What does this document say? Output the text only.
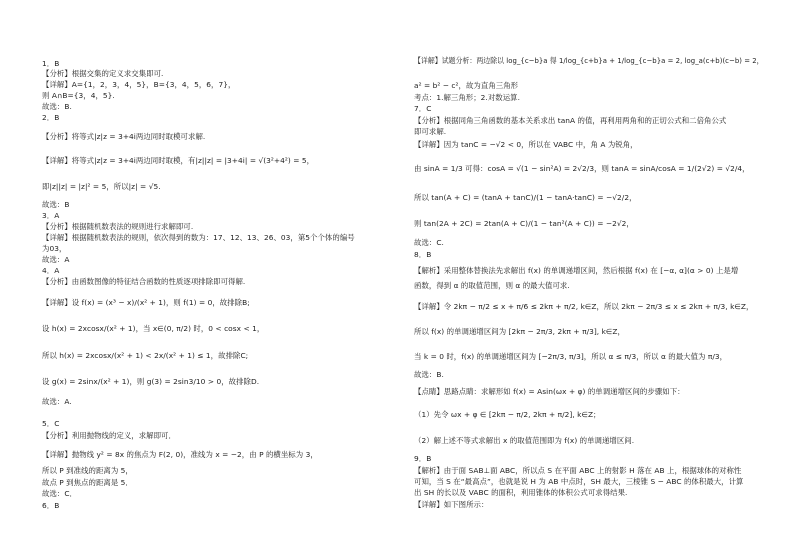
1．B
【分析】根据交集的定义求交集即可.
【详解】A={1，2，3，4，5}，B={3，4，5，6，7}，
则 A∩B={3，4，5}.
故选：B.
2．B
【分析】将等式|z|z = 3+4i两边同时取模可求解.
【详解】将等式|z|z = 3+4i两边同时取模，有|z||z| = |3+4i| = √(3²+4²) = 5，
即|z||z| = |z|² = 5，所以|z| = √5.
故选：B
3．A
【分析】根据随机数表法的规则进行求解即可.
【详解】根据随机数表法的规则，依次得到的数为：17、12、13、26、03，第5个个体的编号
为03，
故选：A
4．A
【分析】由函数图像的特征结合函数的性质逐项排除即可得解.
【详解】设 f(x) = (x³ − x)/(x² + 1)，则 f(1) = 0，故排除B;
设 h(x) = 2xcosx/(x² + 1)，当 x∈(0, π/2) 时，0 < cosx < 1，
所以 h(x) = 2xcosx/(x² + 1) < 2x/(x² + 1) ≤ 1，故排除C;
设 g(x) = 2sinx/(x² + 1)，则 g(3) = 2sin3/10 > 0，故排除D.
故选：A.
5．C
【分析】利用抛物线的定义，求解即可．
【详解】抛物线 y² = 8x 的焦点为 F(2, 0)，准线为 x = −2，由 P 的横坐标为 3，
所以 P 到准线的距离为 5，
故点 P 到焦点的距离是 5．
故选：C．
6．B
【详解】试题分析：两边除以 log_{c−b}a 得 1/log_{c+b}a + 1/log_{c−b}a = 2, log_a(c+b)(c−b) = 2，
a² = b² − c²，故为直角三角形
考点：1.解三角形；2.对数运算.
7．C
【分析】根据同角三角函数的基本关系求出 tanA 的值，再利用两角和的正切公式和二倍角公式
即可求解.
【详解】因为 tanC = −√2 < 0，所以在 VABC 中，角 A 为锐角，
由 sinA = 1/3 可得：cosA = √(1 − sin²A) = 2√2/3，则 tanA = sinA/cosA = 1/(2√2) = √2/4，
所以 tan(A + C) = (tanA + tanC)/(1 − tanA·tanC) = −√2/2，
则 tan(2A + 2C) = 2tan(A + C)/(1 − tan²(A + C)) = −2√2，
故选：C.
8．B
【解析】采用整体替换法先求解出 f(x) 的单调递增区间，然后根据 f(x) 在 [−α, α](α > 0) 上是增
函数，得到 α 的取值范围，则 α 的最大值可求.
【详解】令 2kπ − π/2 ≤ x + π/6 ≤ 2kπ + π/2, k∈Z，所以 2kπ − 2π/3 ≤ x ≤ 2kπ + π/3, k∈Z，
所以 f(x) 的单调递增区间为 [2kπ − 2π/3, 2kπ + π/3], k∈Z，
当 k = 0 时，f(x) 的单调递增区间为 [−2π/3, π/3]，所以 α ≤ π/3，所以 α 的最大值为 π/3，
故选：B.
【点睛】思路点睛：求解形如 f(x) = Asin(ωx + φ) 的单调递增区间的步骤如下：
（1）先令 ωx + φ ∈ [2kπ − π/2, 2kπ + π/2], k∈Z；
（2）解上述不等式求解出 x 的取值范围即为 f(x) 的单调递增区间.
9．B
【解析】由于面 SAB⊥面 ABC，所以点 S 在平面 ABC 上的射影 H 落在 AB 上，根据球体的对称性
可知，当 S 在“最高点”，也就是说 H 为 AB 中点时，SH 最大，三棱锥 S − ABC 的体积最大，计算
出 SH 的长以及 VABC 的面积，利用锥体的体积公式可求得结果.
【详解】如下图所示：
